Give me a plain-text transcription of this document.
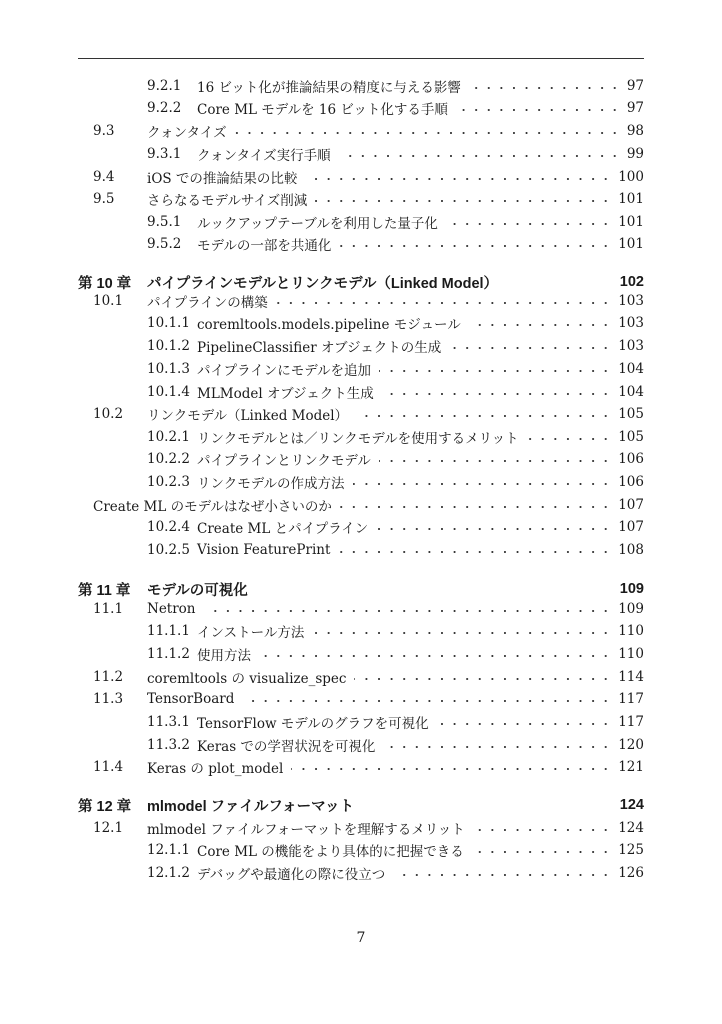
9.2.1 16 ビット化が推論結果の精度に与える影響	97
9.2.2 Core ML モデルを 16 ビット化する手順	97
9.3 クォンタイズ	98
9.3.1 クォンタイズ実行手順	99
9.4 iOS での推論結果の比較	100
9.5 さらなるモデルサイズ削減	101
9.5.1 ルックアップテーブルを利用した量子化	101
9.5.2 モデルの一部を共通化	101
第 10 章 パイプラインモデルとリンクモデル（Linked Model）	102
10.1 パイプラインの構築	103
10.1.1 coremltools.models.pipeline モジュール	103
10.1.2 PipelineClassifier オブジェクトの生成	103
10.1.3 パイプラインにモデルを追加	104
10.1.4 MLModel オブジェクト生成	104
10.2 リンクモデル（Linked Model）	105
10.2.1 リンクモデルとは／リンクモデルを使用するメリット	105
10.2.2 パイプラインとリンクモデル	106
10.2.3 リンクモデルの作成方法	106
Create ML のモデルはなぜ小さいのか	107
10.2.4 Create ML とパイプライン	107
10.2.5 Vision FeaturePrint	108
第 11 章 モデルの可視化	109
11.1 Netron	109
11.1.1 インストール方法	110
11.1.2 使用方法	110
11.2 coremltools の visualize_spec	114
11.3 TensorBoard	117
11.3.1 TensorFlow モデルのグラフを可視化	117
11.3.2 Keras での学習状況を可視化	120
11.4 Keras の plot_model	121
第 12 章 mlmodel ファイルフォーマット	124
12.1 mlmodel ファイルフォーマットを理解するメリット	124
12.1.1 Core ML の機能をより具体的に把握できる	125
12.1.2 デバッグや最適化の際に役立つ	126
7
